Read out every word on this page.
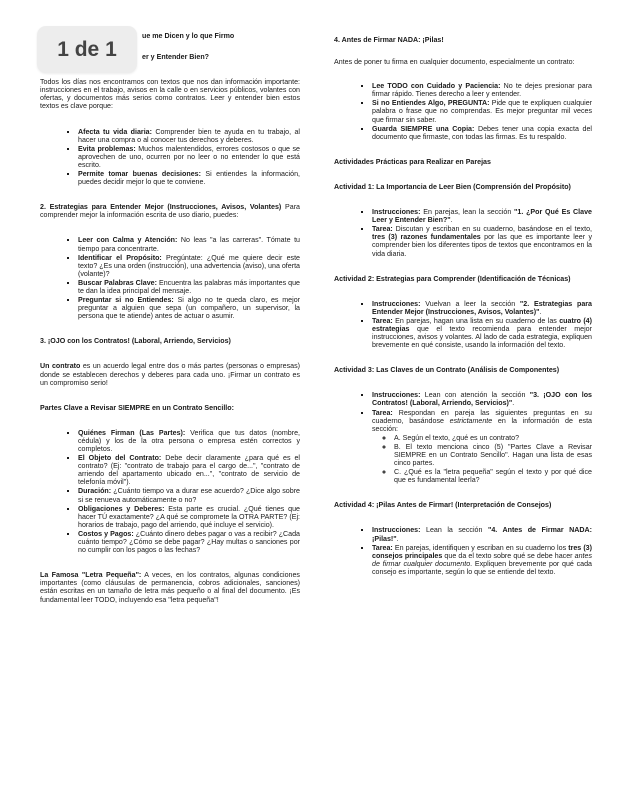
ue me Dicen y lo que Firmo

er y Entender Bien?

Todos los días nos encontramos con textos que nos dan información importante: instrucciones en el trabajo, avisos en la calle o en servicios públicos, volantes con ofertas, y documentos más serios como contratos. Leer y entender bien estos textos es clave porque:

▪ Afecta tu vida diaria: Comprender bien te ayuda en tu trabajo, al hacer una compra o al conocer tus derechos y deberes.
▪ Evita problemas: Muchos malentendidos, errores costosos o que se aprovechen de uno, ocurren por no leer o no entender lo que está escrito.
▪ Permite tomar buenas decisiones: Si entiendes la información, puedes decidir mejor lo que te conviene.

2. Estrategias para Entender Mejor (Instrucciones, Avisos, Volantes) Para comprender mejor la información escrita de uso diario, puedes:

▪ Leer con Calma y Atención: No leas "a las carreras". Tómate tu tiempo para concentrarte.
▪ Identificar el Propósito: Pregúntate: ¿Qué me quiere decir este texto? ¿Es una orden (instrucción), una advertencia (aviso), una oferta (volante)?
▪ Buscar Palabras Clave: Encuentra las palabras más importantes que te dan la idea principal del mensaje.
▪ Preguntar si no Entiendes: Si algo no te queda claro, es mejor preguntar a alguien que sepa (un compañero, un supervisor, la persona que te atiende) antes de actuar o asumir.

3. ¡OJO con los Contratos! (Laboral, Arriendo, Servicios)

Un contrato es un acuerdo legal entre dos o más partes (personas o empresas) donde se establecen derechos y deberes para cada uno. ¡Firmar un contrato es un compromiso serio!

Partes Clave a Revisar SIEMPRE en un Contrato Sencillo:

▪ Quiénes Firman (Las Partes): Verifica que tus datos (nombre, cédula) y los de la otra persona o empresa estén correctos y completos.
▪ El Objeto del Contrato: Debe decir claramente ¿para qué es el contrato? (Ej: "contrato de trabajo para el cargo de...", "contrato de arriendo del apartamento ubicado en...", "contrato de servicio de telefonía móvil").
▪ Duración: ¿Cuánto tiempo va a durar ese acuerdo? ¿Dice algo sobre si se renueva automáticamente o no?
▪ Obligaciones y Deberes: Esta parte es crucial. ¿Qué tienes que hacer TÚ exactamente? ¿A qué se compromete la OTRA PARTE? (Ej: horarios de trabajo, pago del arriendo, qué incluye el servicio).
▪ Costos y Pagos: ¿Cuánto dinero debes pagar o vas a recibir? ¿Cada cuánto tiempo? ¿Cómo se debe pagar? ¿Hay multas o sanciones por no cumplir con los pagos o las fechas?

La Famosa "Letra Pequeña": A veces, en los contratos, algunas condiciones importantes (como cláusulas de permanencia, cobros adicionales, sanciones) están escritas en un tamaño de letra más pequeño o al final del documento. ¡Es fundamental leer TODO, incluyendo esa "letra pequeña"!

4. Antes de Firmar NADA: ¡Pilas!

Antes de poner tu firma en cualquier documento, especialmente un contrato:

▪ Lee TODO con Cuidado y Paciencia: No te dejes presionar para firmar rápido. Tienes derecho a leer y entender.
▪ Si no Entiendes Algo, PREGUNTA: Pide que te expliquen cualquier palabra o frase que no comprendas. Es mejor preguntar mil veces que firmar sin saber.
▪ Guarda SIEMPRE una Copia: Debes tener una copia exacta del documento que firmaste, con todas las firmas. Es tu respaldo.

Actividades Prácticas para Realizar en Parejas

Actividad 1: La Importancia de Leer Bien (Comprensión del Propósito)

▪ Instrucciones: En parejas, lean la sección "1. ¿Por Qué Es Clave Leer y Entender Bien?".
▪ Tarea: Discutan y escriban en su cuaderno, basándose en el texto, tres (3) razones fundamentales por las que es importante leer y comprender bien los diferentes tipos de textos que encontramos en la vida diaria.

Actividad 2: Estrategias para Comprender (Identificación de Técnicas)

▪ Instrucciones: Vuelvan a leer la sección "2. Estrategias para Entender Mejor (Instrucciones, Avisos, Volantes)".
▪ Tarea: En parejas, hagan una lista en su cuaderno de las cuatro (4) estrategias que el texto recomienda para entender mejor instrucciones, avisos y volantes. Al lado de cada estrategia, expliquen brevemente en qué consiste, usando la información del texto.

Actividad 3: Las Claves de un Contrato (Análisis de Componentes)

▪ Instrucciones: Lean con atención la sección "3. ¡OJO con los Contratos! (Laboral, Arriendo, Servicios)".
▪ Tarea: Respondan en pareja las siguientes preguntas en su cuaderno, basándose estrictamente en la información de esta sección:
◦ A. Según el texto, ¿qué es un contrato?
◦ B. El texto menciona cinco (5) "Partes Clave a Revisar SIEMPRE en un Contrato Sencillo". Hagan una lista de esas cinco partes.
◦ C. ¿Qué es la "letra pequeña" según el texto y por qué dice que es fundamental leerla?

Actividad 4: ¡Pilas Antes de Firmar! (Interpretación de Consejos)

▪ Instrucciones: Lean la sección "4. Antes de Firmar NADA: ¡Pilas!".
▪ Tarea: En parejas, identifiquen y escriban en su cuaderno los tres (3) consejos principales que da el texto sobre qué se debe hacer antes de firmar cualquier documento. Expliquen brevemente por qué cada consejo es importante, según lo que se entiende del texto.
1 de 1
